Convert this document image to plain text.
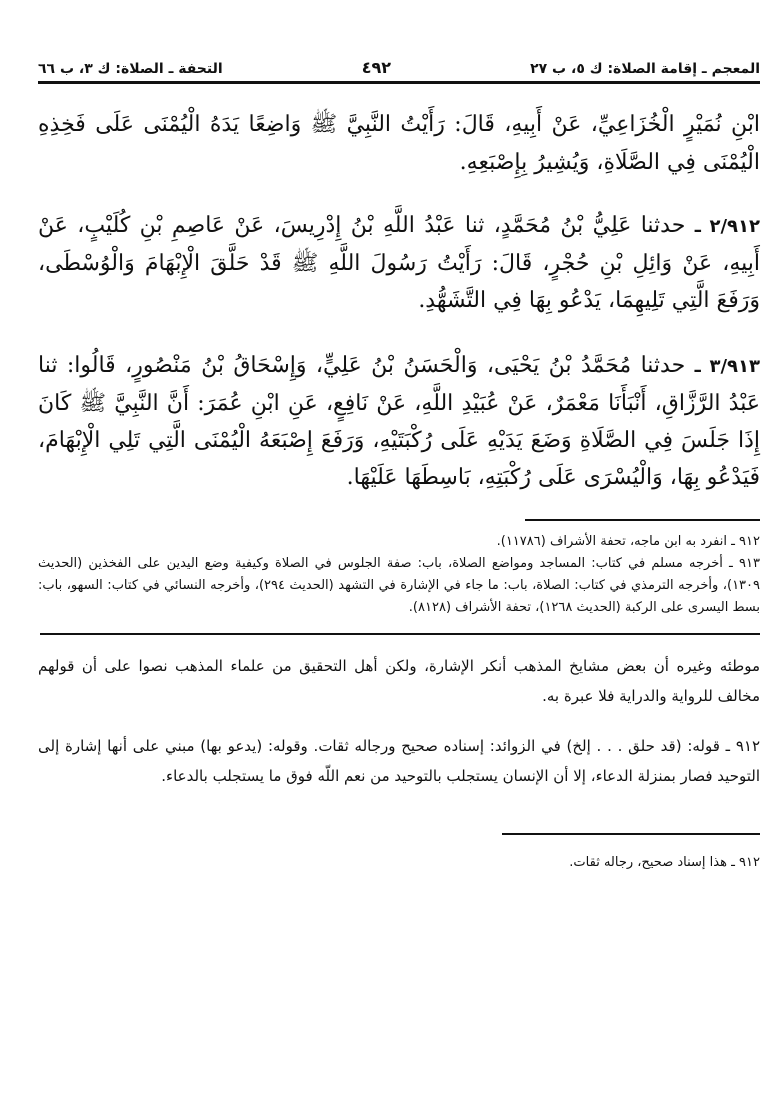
المعجم ـ إقامة الصلاة: ك ٥، ب ٢٧
٤٩٢
التحفة ـ الصلاة: ك ٣، ب ٦٦

ابْنِ نُمَيْرٍ الْخُزَاعِيِّ، عَنْ أَبِيهِ، قَالَ: رَأَيْتُ النَّبِيَّ ﷺ وَاضِعًا يَدَهُ الْيُمْنَى عَلَى فَخِذِهِ الْيُمْنَى فِي الصَّلَاةِ، وَيُشِيرُ بِإِصْبَعِهِ.

٢/٩١٢ ـ حدثنا عَلِيُّ بْنُ مُحَمَّدٍ، ثنا عَبْدُ اللَّهِ بْنُ إِدْرِيسَ، عَنْ عَاصِمِ بْنِ كُلَيْبٍ، عَنْ أَبِيهِ، عَنْ وَائِلِ بْنِ حُجْرٍ، قَالَ: رَأَيْتُ رَسُولَ اللَّهِ ﷺ قَدْ حَلَّقَ الْإِبْهَامَ وَالْوُسْطَى، وَرَفَعَ الَّتِي تَلِيهِمَا، يَدْعُو بِهَا فِي التَّشَهُّدِ.

٣/٩١٣ ـ حدثنا مُحَمَّدُ بْنُ يَحْيَى، وَالْحَسَنُ بْنُ عَلِيٍّ، وَإِسْحَاقُ بْنُ مَنْصُورٍ، قَالُوا: ثنا عَبْدُ الرَّزَّاقِ، أَنْبَأَنَا مَعْمَرٌ، عَنْ عُبَيْدِ اللَّهِ، عَنْ نَافِعٍ، عَنِ ابْنِ عُمَرَ: أَنَّ النَّبِيَّ ﷺ كَانَ إِذَا جَلَسَ فِي الصَّلَاةِ وَضَعَ يَدَيْهِ عَلَى رُكْبَتَيْهِ، وَرَفَعَ إِصْبَعَهُ الْيُمْنَى الَّتِي تَلِي الْإِبْهَامَ، فَيَدْعُو بِهَا، وَالْيُسْرَى عَلَى رُكْبَتِهِ، بَاسِطَهَا عَلَيْهَا.

٩١٢ ـ انفرد به ابن ماجه، تحفة الأشراف (١١٧٨٦).

٩١٣ ـ أخرجه مسلم في كتاب: المساجد ومواضع الصلاة، باب: صفة الجلوس في الصلاة وكيفية وضع اليدين على الفخذين (الحديث ١٣٠٩)، وأخرجه الترمذي في كتاب: الصلاة، باب: ما جاء في الإشارة في التشهد (الحديث ٢٩٤)، وأخرجه النسائي في كتاب: السهو، باب: بسط اليسرى على الركبة (الحديث ١٢٦٨)، تحفة الأشراف (٨١٢٨).

موطئه وغيره أن بعض مشايخ المذهب أنكر الإشارة، ولكن أهل التحقيق من علماء المذهب نصوا على أن قولهم مخالف للرواية والدراية فلا عبرة به.

٩١٢ ـ قوله: (قد حلق . . . إلخ) في الزوائد: إسناده صحيح ورجاله ثقات. وقوله: (يدعو بها) مبني على أنها إشارة إلى التوحيد فصار بمنزلة الدعاء، إلا أن الإنسان يستجلب بالتوحيد من نعم اللّه فوق ما يستجلب بالدعاء.

٩١٢ ـ هذا إسناد صحيح، رجاله ثقات.
